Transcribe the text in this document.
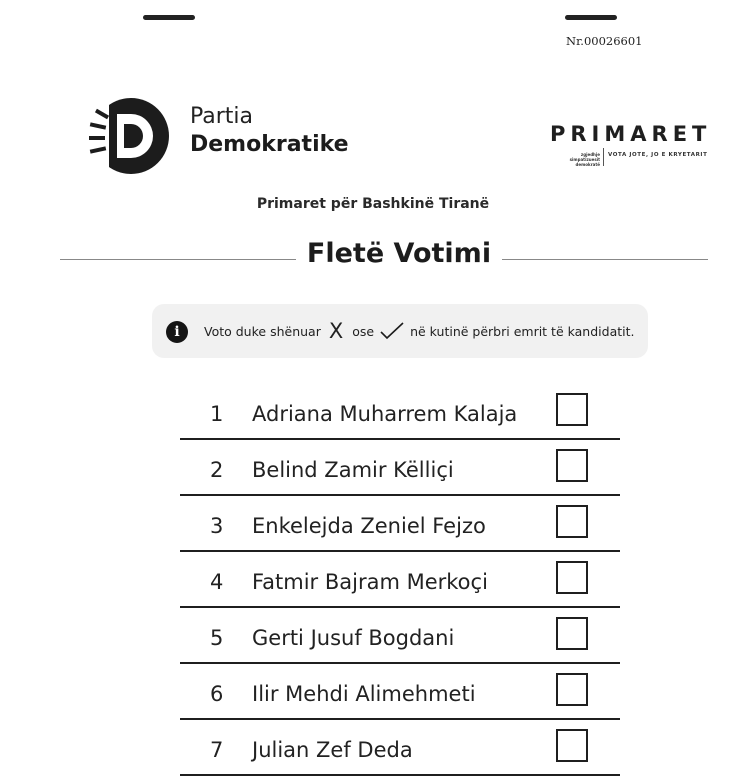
Nr.00026601
Partia
Demokratike	PRIMARET
zgjedhje
simpatizuesit
demokratë
VOTA JOTE, JO E KRYETARIT
Primaret për Bashkinë Tiranë
Fletë Votimi
i	Voto duke shënuar X ose	në kutinë përbri emrit të kandidatit.
1 Adriana Muharrem Kalaja
2 Belind Zamir Këlliçi
3 Enkelejda Zeniel Fejzo
4 Fatmir Bajram Merkoçi
5 Gerti Jusuf Bogdani
6 Ilir Mehdi Alimehmeti
7 Julian Zef Deda
